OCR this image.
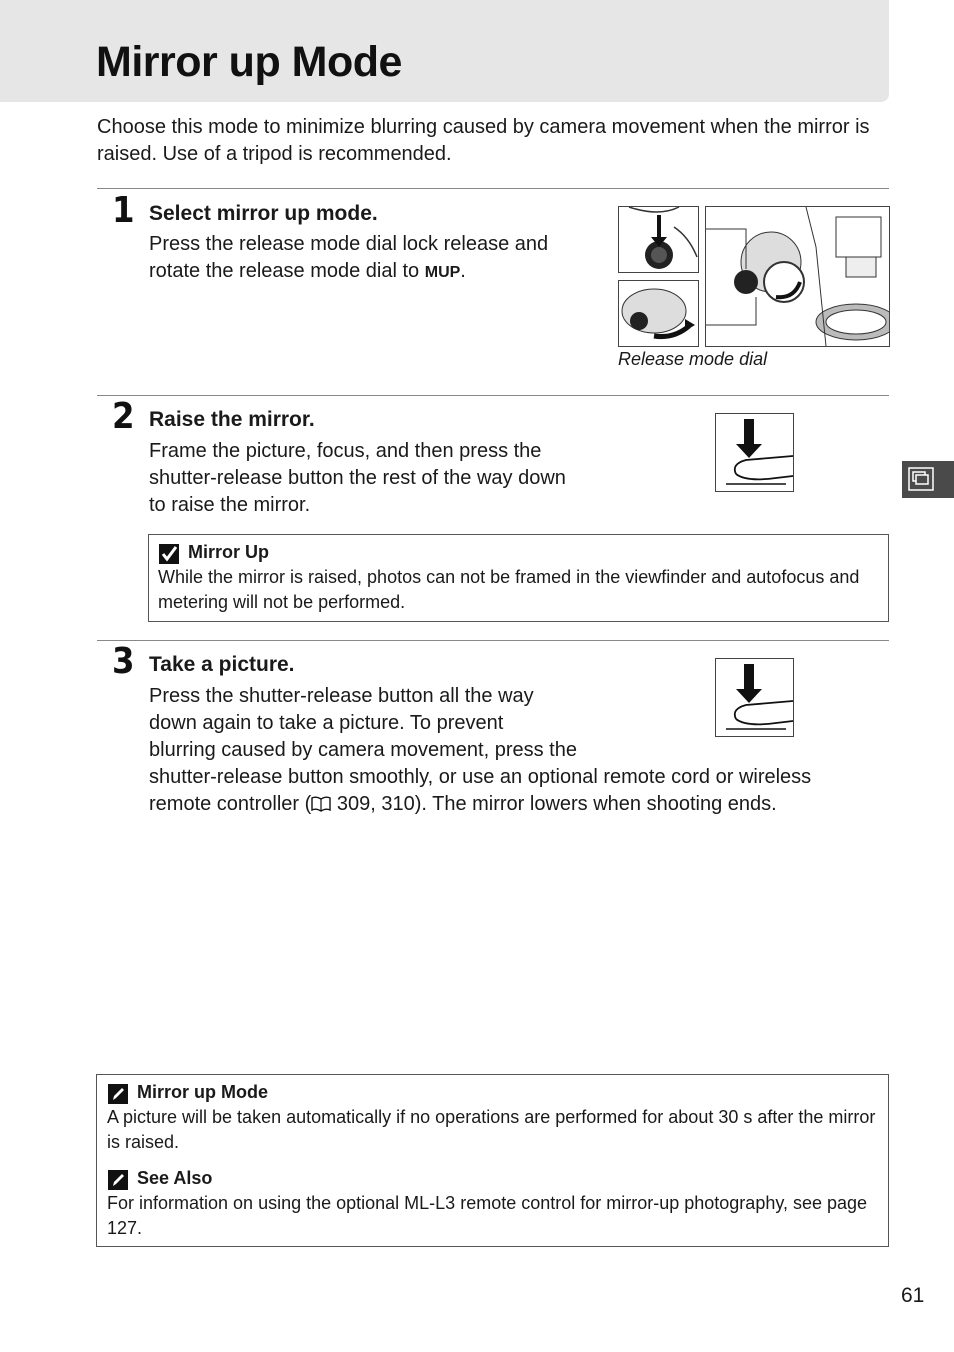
Mirror up Mode
Choose this mode to minimize blurring caused by camera movement when the mirror is raised. Use of a tripod is recommended.
1 Select mirror up mode.
Press the release mode dial lock release and
rotate the release mode dial to MUP.
Release mode dial
2 Raise the mirror.
Frame the picture, focus, and then press the
shutter-release button the rest of the way down
to raise the mirror.
Mirror Up
While the mirror is raised, photos can not be framed in the viewfinder and autofocus and metering will not be performed.
3 Take a picture.
Press the shutter-release button all the way
down again to take a picture. To prevent
blurring caused by camera movement, press the
shutter-release button smoothly, or use an optional remote cord or wireless
remote controller ( 309, 310). The mirror lowers when shooting ends.
Mirror up Mode
A picture will be taken automatically if no operations are performed for about 30 s after the mirror is raised.
See Also
For information on using the optional ML-L3 remote control for mirror-up photography, see page 127.
61
